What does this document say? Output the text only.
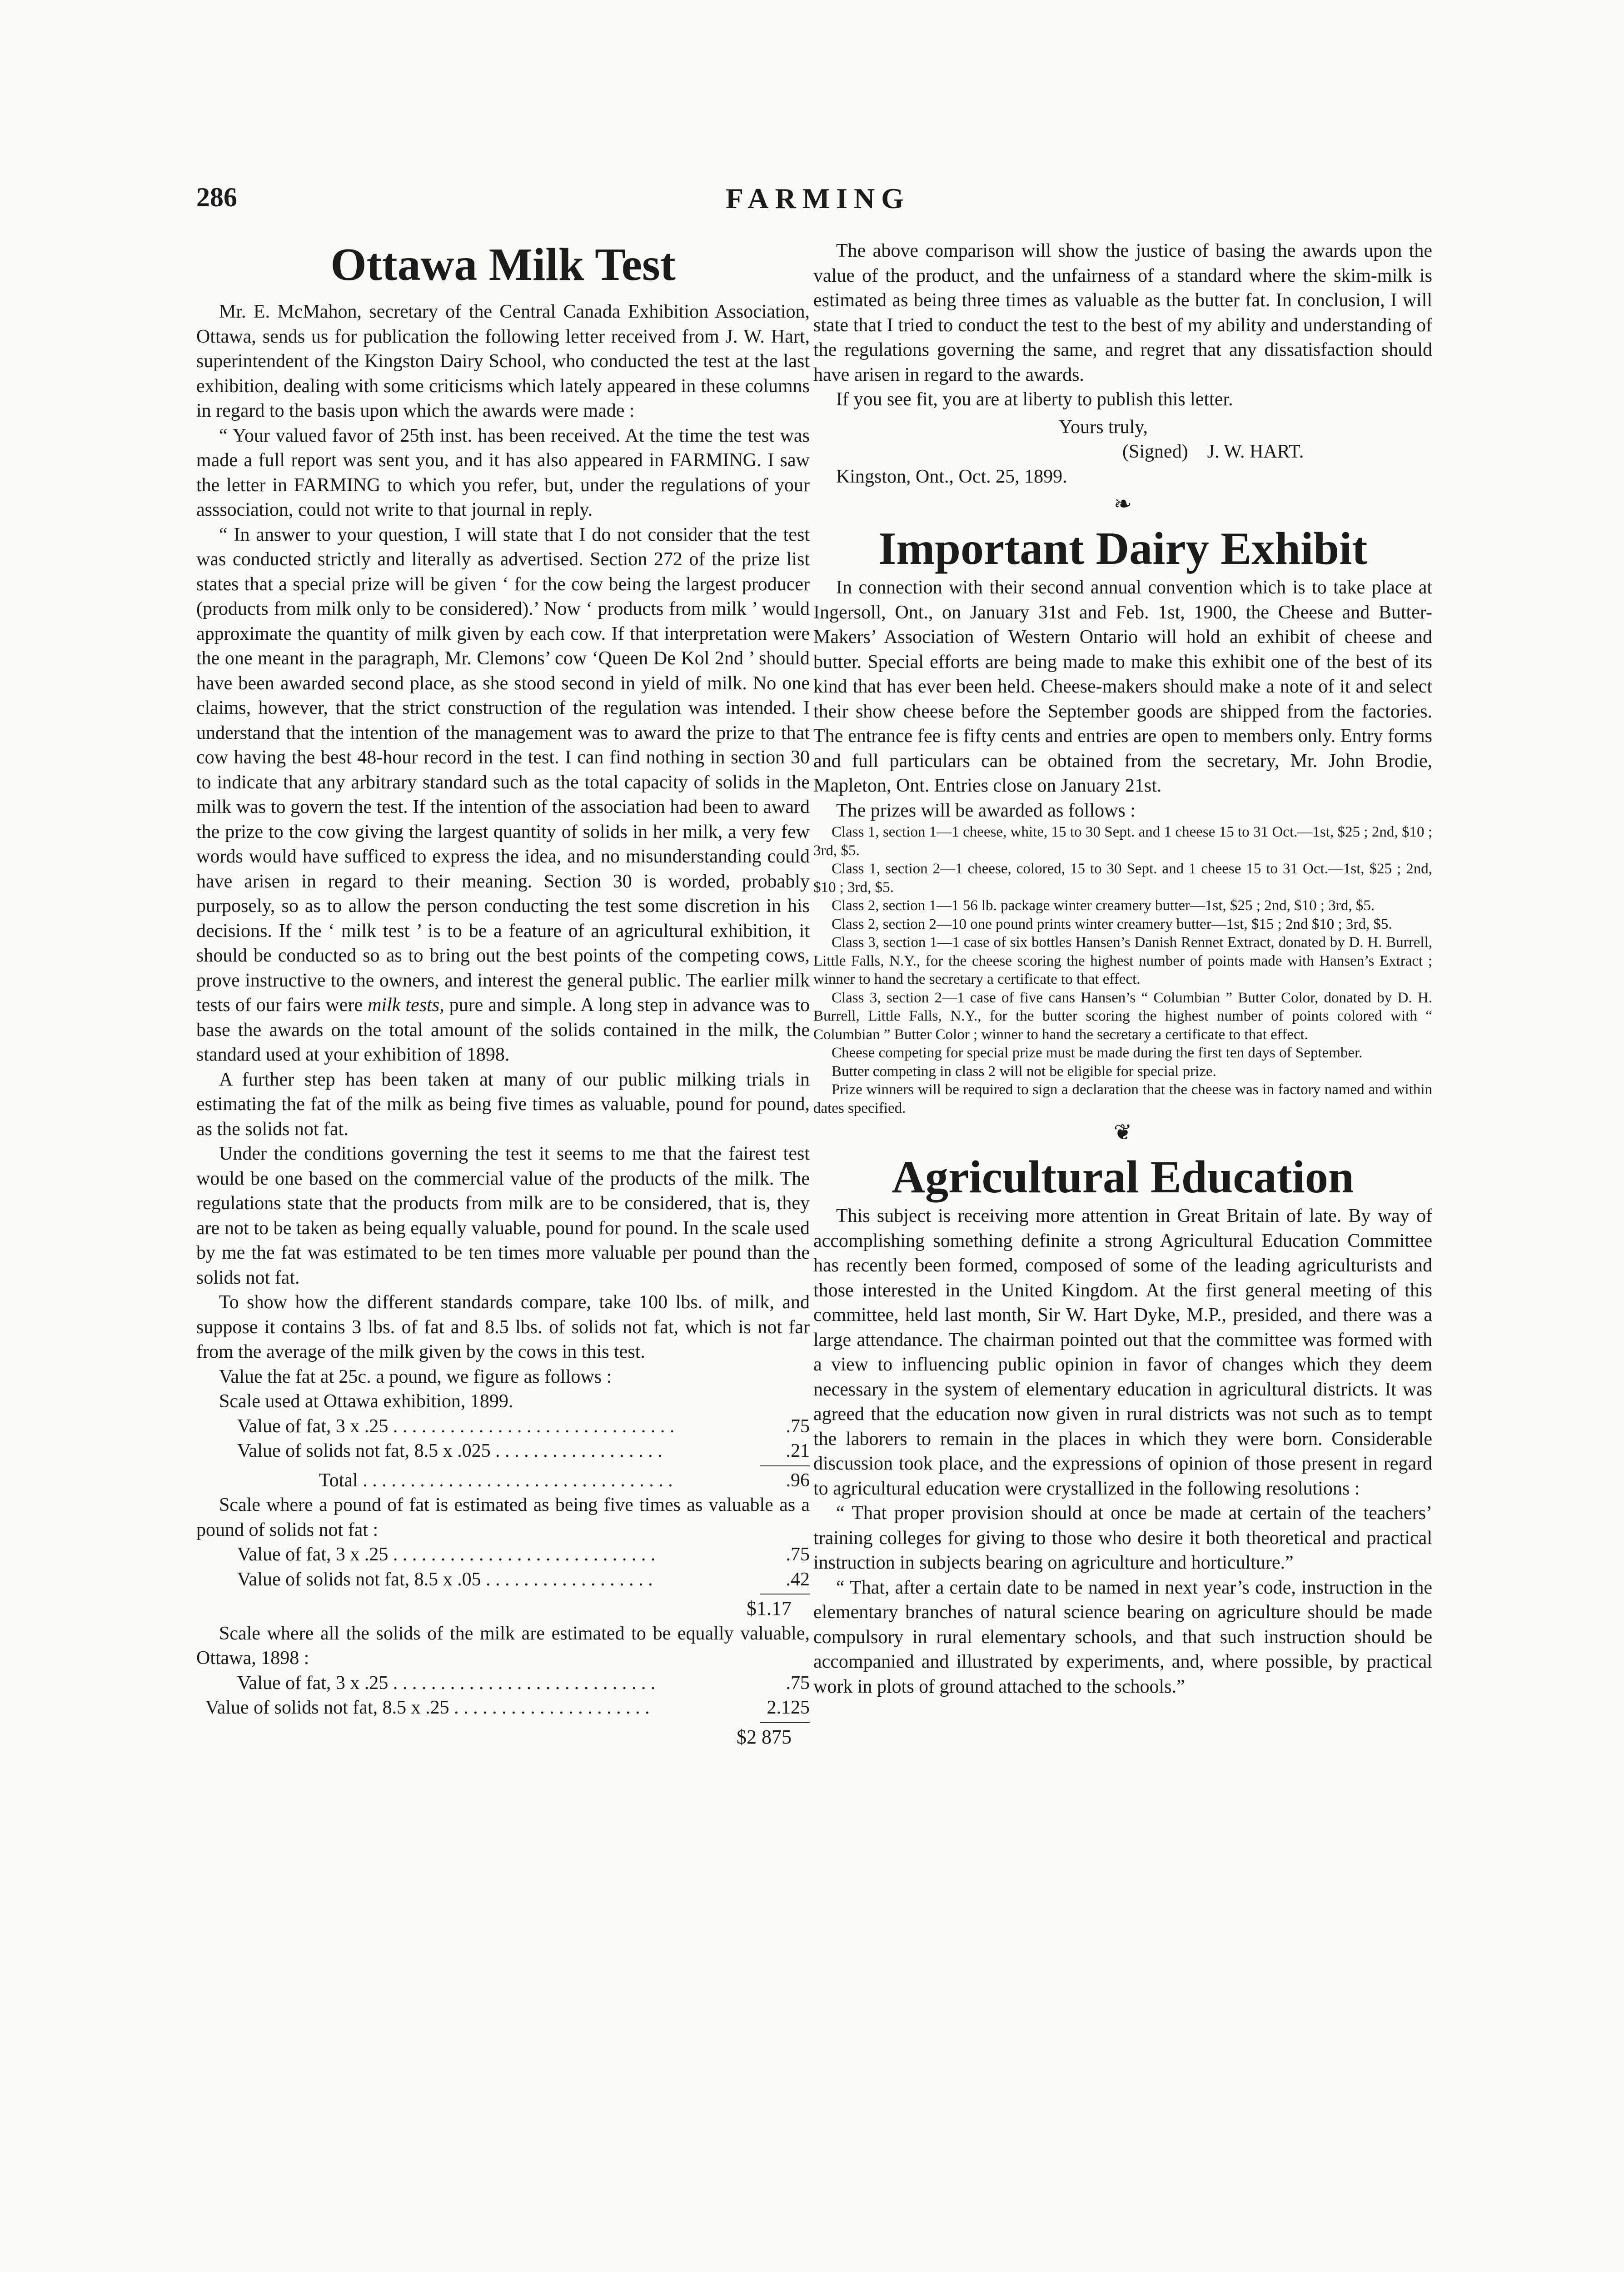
286	FARMING
Ottawa Milk Test

Mr. E. McMahon, secretary of the Central Canada Exhibition Association, Ottawa, sends us for publication the following letter received from J. W. Hart, superintendent of the Kingston Dairy School, who conducted the test at the last exhibition, dealing with some criticisms which lately appeared in these columns in regard to the basis upon which the awards were made :

“ Your valued favor of 25th inst. has been received. At the time the test was made a full report was sent you, and it has also appeared in FARMING. I saw the letter in FARMING to which you refer, but, under the regulations of your asssociation, could not write to that journal in reply.

“ In answer to your question, I will state that I do not consider that the test was conducted strictly and literally as advertised. Section 272 of the prize list states that a special prize will be given ‘ for the cow being the largest producer (products from milk only to be considered).’ Now ‘ products from milk ’ would approximate the quantity of milk given by each cow. If that interpretation were the one meant in the paragraph, Mr. Clemons’ cow ‘Queen De Kol 2nd ’ should have been awarded second place, as she stood second in yield of milk. No one claims, however, that the strict construction of the regulation was intended. I understand that the intention of the management was to award the prize to that cow having the best 48-hour record in the test. I can find nothing in section 30 to indicate that any arbitrary standard such as the total capacity of solids in the milk was to govern the test. If the intention of the association had been to award the prize to the cow giving the largest quantity of solids in her milk, a very few words would have sufficed to express the idea, and no misunderstanding could have arisen in regard to their meaning. Section 30 is worded, probably purposely, so as to allow the person conducting the test some discretion in his decisions. If the ‘ milk test ’ is to be a feature of an agricultural exhibition, it should be conducted so as to bring out the best points of the competing cows, prove instructive to the owners, and interest the general public. The earlier milk tests of our fairs were milk tests, pure and simple. A long step in advance was to base the awards on the total amount of the solids contained in the milk, the standard used at your exhibition of 1898.

A further step has been taken at many of our public milking trials in estimating the fat of the milk as being five times as valuable, pound for pound, as the solids not fat.

Under the conditions governing the test it seems to me that the fairest test would be one based on the commercial value of the products of the milk. The regulations state that the products from milk are to be considered, that is, they are not to be taken as being equally valuable, pound for pound. In the scale used by me the fat was estimated to be ten times more valuable per pound than the solids not fat.

To show how the different standards compare, take 100 lbs. of milk, and suppose it contains 3 lbs. of fat and 8.5 lbs. of solids not fat, which is not far from the average of the milk given by the cows in this test.

Value the fat at 25c. a pound, we figure as follows :

Scale used at Ottawa exhibition, 1899.

Value of fat, 3 x .25 . . . . . . . . . . . . . . . . . . . . . . . . . . . . . .	.75
Value of solids not fat, 8.5 x .025 . . . . . . . . . . . . . . . . . .	.21
Total . . . . . . . . . . . . . . . . . . . . . . . . . . . . . . . . .	.96

Scale where a pound of fat is estimated as being five times as valuable as a pound of solids not fat :

Value of fat, 3 x .25 . . . . . . . . . . . . . . . . . . . . . . . . . . . .	.75
Value of solids not fat, 8.5 x .05 . . . . . . . . . . . . . . . . . .	.42
$1.17

Scale where all the solids of the milk are estimated to be equally valuable, Ottawa, 1898 :

Value of fat, 3 x .25 . . . . . . . . . . . . . . . . . . . . . . . . . . . .	.75
Value of solids not fat, 8.5 x .25 . . . . . . . . . . . . . . . . . . . . .	2.125
$2 875

The above comparison will show the justice of basing the awards upon the value of the product, and the unfairness of a standard where the skim-milk is estimated as being three times as valuable as the butter fat. In conclusion, I will state that I tried to conduct the test to the best of my ability and understanding of the regulations governing the same, and regret that any dissatisfaction should have arisen in regard to the awards.

If you see fit, you are at liberty to publish this letter.

Yours truly,
(Signed)    J. W. HART.
Kingston, Ont., Oct. 25, 1899.
❧
Important Dairy Exhibit

In connection with their second annual convention which is to take place at Ingersoll, Ont., on January 31st and Feb. 1st, 1900, the Cheese and Butter-Makers’ Association of Western Ontario will hold an exhibit of cheese and butter. Special efforts are being made to make this exhibit one of the best of its kind that has ever been held. Cheese-makers should make a note of it and select their show cheese before the September goods are shipped from the factories. The entrance fee is fifty cents and entries are open to members only. Entry forms and full particulars can be obtained from the secretary, Mr. John Brodie, Mapleton, Ont. Entries close on January 21st.

The prizes will be awarded as follows :

Class 1, section 1—1 cheese, white, 15 to 30 Sept. and 1 cheese 15 to 31 Oct.—1st, $25 ; 2nd, $10 ; 3rd, $5.

Class 1, section 2—1 cheese, colored, 15 to 30 Sept. and 1 cheese 15 to 31 Oct.—1st, $25 ; 2nd, $10 ; 3rd, $5.

Class 2, section 1—1 56 lb. package winter creamery butter—1st, $25 ; 2nd, $10 ; 3rd, $5.

Class 2, section 2—10 one pound prints winter creamery butter—1st, $15 ; 2nd $10 ; 3rd, $5.

Class 3, section 1—1 case of six bottles Hansen’s Danish Rennet Extract, donated by D. H. Burrell, Little Falls, N.Y., for the cheese scoring the highest number of points made with Hansen’s Extract ; winner to hand the secretary a certificate to that effect.

Class 3, section 2—1 case of five cans Hansen’s “ Columbian ” Butter Color, donated by D. H. Burrell, Little Falls, N.Y., for the butter scoring the highest number of points colored with “ Columbian ” Butter Color ; winner to hand the secretary a certificate to that effect.

Cheese competing for special prize must be made during the first ten days of September.

Butter competing in class 2 will not be eligible for special prize.

Prize winners will be required to sign a declaration that the cheese was in factory named and within dates specified.

❦
Agricultural Education

This subject is receiving more attention in Great Britain of late. By way of accomplishing something definite a strong Agricultural Education Committee has recently been formed, composed of some of the leading agriculturists and those interested in the United Kingdom. At the first general meeting of this committee, held last month, Sir W. Hart Dyke, M.P., presided, and there was a large attendance. The chairman pointed out that the committee was formed with a view to influencing public opinion in favor of changes which they deem necessary in the system of elementary education in agricultural districts. It was agreed that the education now given in rural districts was not such as to tempt the laborers to remain in the places in which they were born. Considerable discussion took place, and the expressions of opinion of those present in regard to agricultural education were crystallized in the following resolutions :

“ That proper provision should at once be made at certain of the teachers’ training colleges for giving to those who desire it both theoretical and practical instruction in subjects bearing on agriculture and horticulture.”

“ That, after a certain date to be named in next year’s code, instruction in the elementary branches of natural science bearing on agriculture should be made compulsory in rural elementary schools, and that such instruction should be accompanied and illustrated by experiments, and, where possible, by practical work in plots of ground attached to the schools.”
